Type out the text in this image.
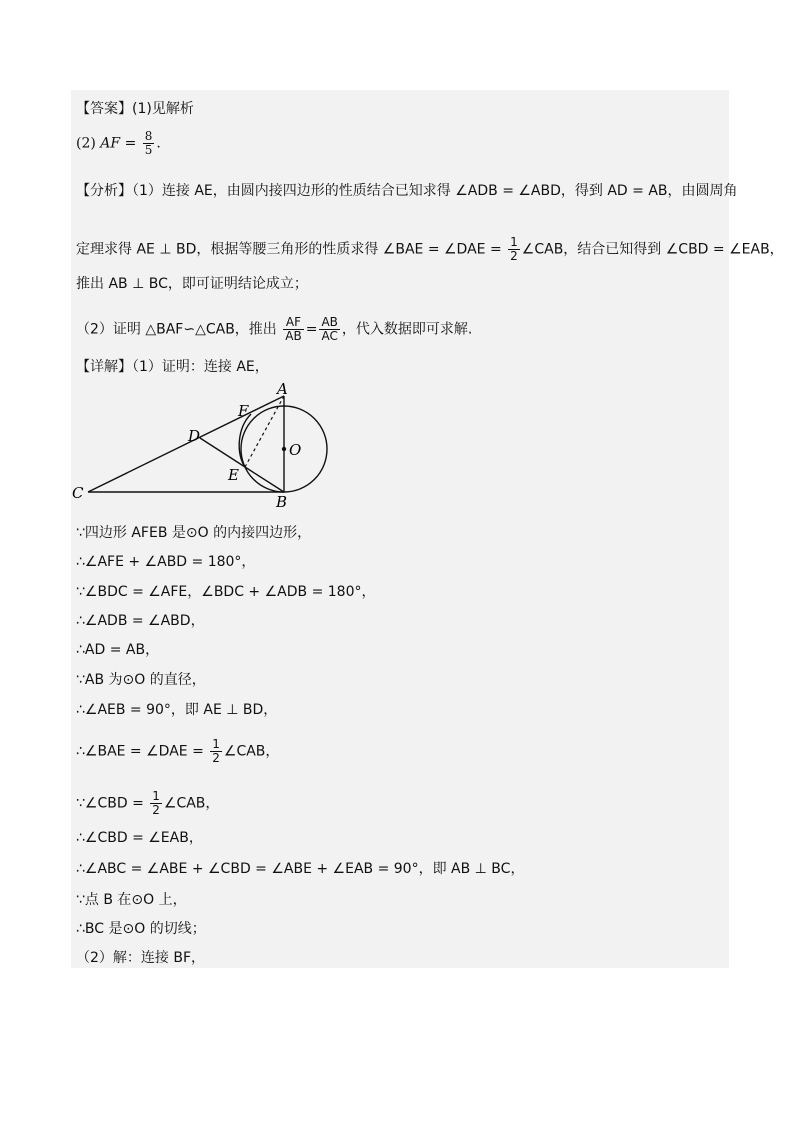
【答案】(1)见解析
(2) AF = $\frac{8}{5}$ .
【分析】（1）连接 AE，由圆内接四边形的性质结合已知求得 ∠ADB = ∠ABD，得到 AD = AB，由圆周角
定理求得 AE ⊥ BD，根据等腰三角形的性质求得 ∠BAE = ∠DAE = $\frac{1}{2}$ ∠CAB，结合已知得到 ∠CBD = ∠EAB，
推出 AB ⊥ BC，即可证明结论成立；
（2）证明 △BAF∽△CAB，推出 $\frac{AF}{AB} = \frac{AB}{AC}$ ，代入数据即可求解.
【详解】（1）证明：连接 AE，
A
B
C
D
E
F
O
∵四边形 AFEB 是⊙O 的内接四边形，
∴∠AFE + ∠ABD = 180°，
∵∠BDC = ∠AFE，∠BDC + ∠ADB = 180°，
∴∠ADB = ∠ABD，
∴AD = AB，
∵AB 为⊙O 的直径，
∴∠AEB = 90°，即 AE ⊥ BD，
∴∠BAE = ∠DAE = $\frac{1}{2}$ ∠CAB，
∵∠CBD = $\frac{1}{2}$ ∠CAB，
∴∠CBD = ∠EAB，
∴∠ABC = ∠ABE + ∠CBD = ∠ABE + ∠EAB = 90°，即 AB ⊥ BC，
∵点 B 在⊙O 上，
∴BC 是⊙O 的切线；
（2）解：连接 BF，
